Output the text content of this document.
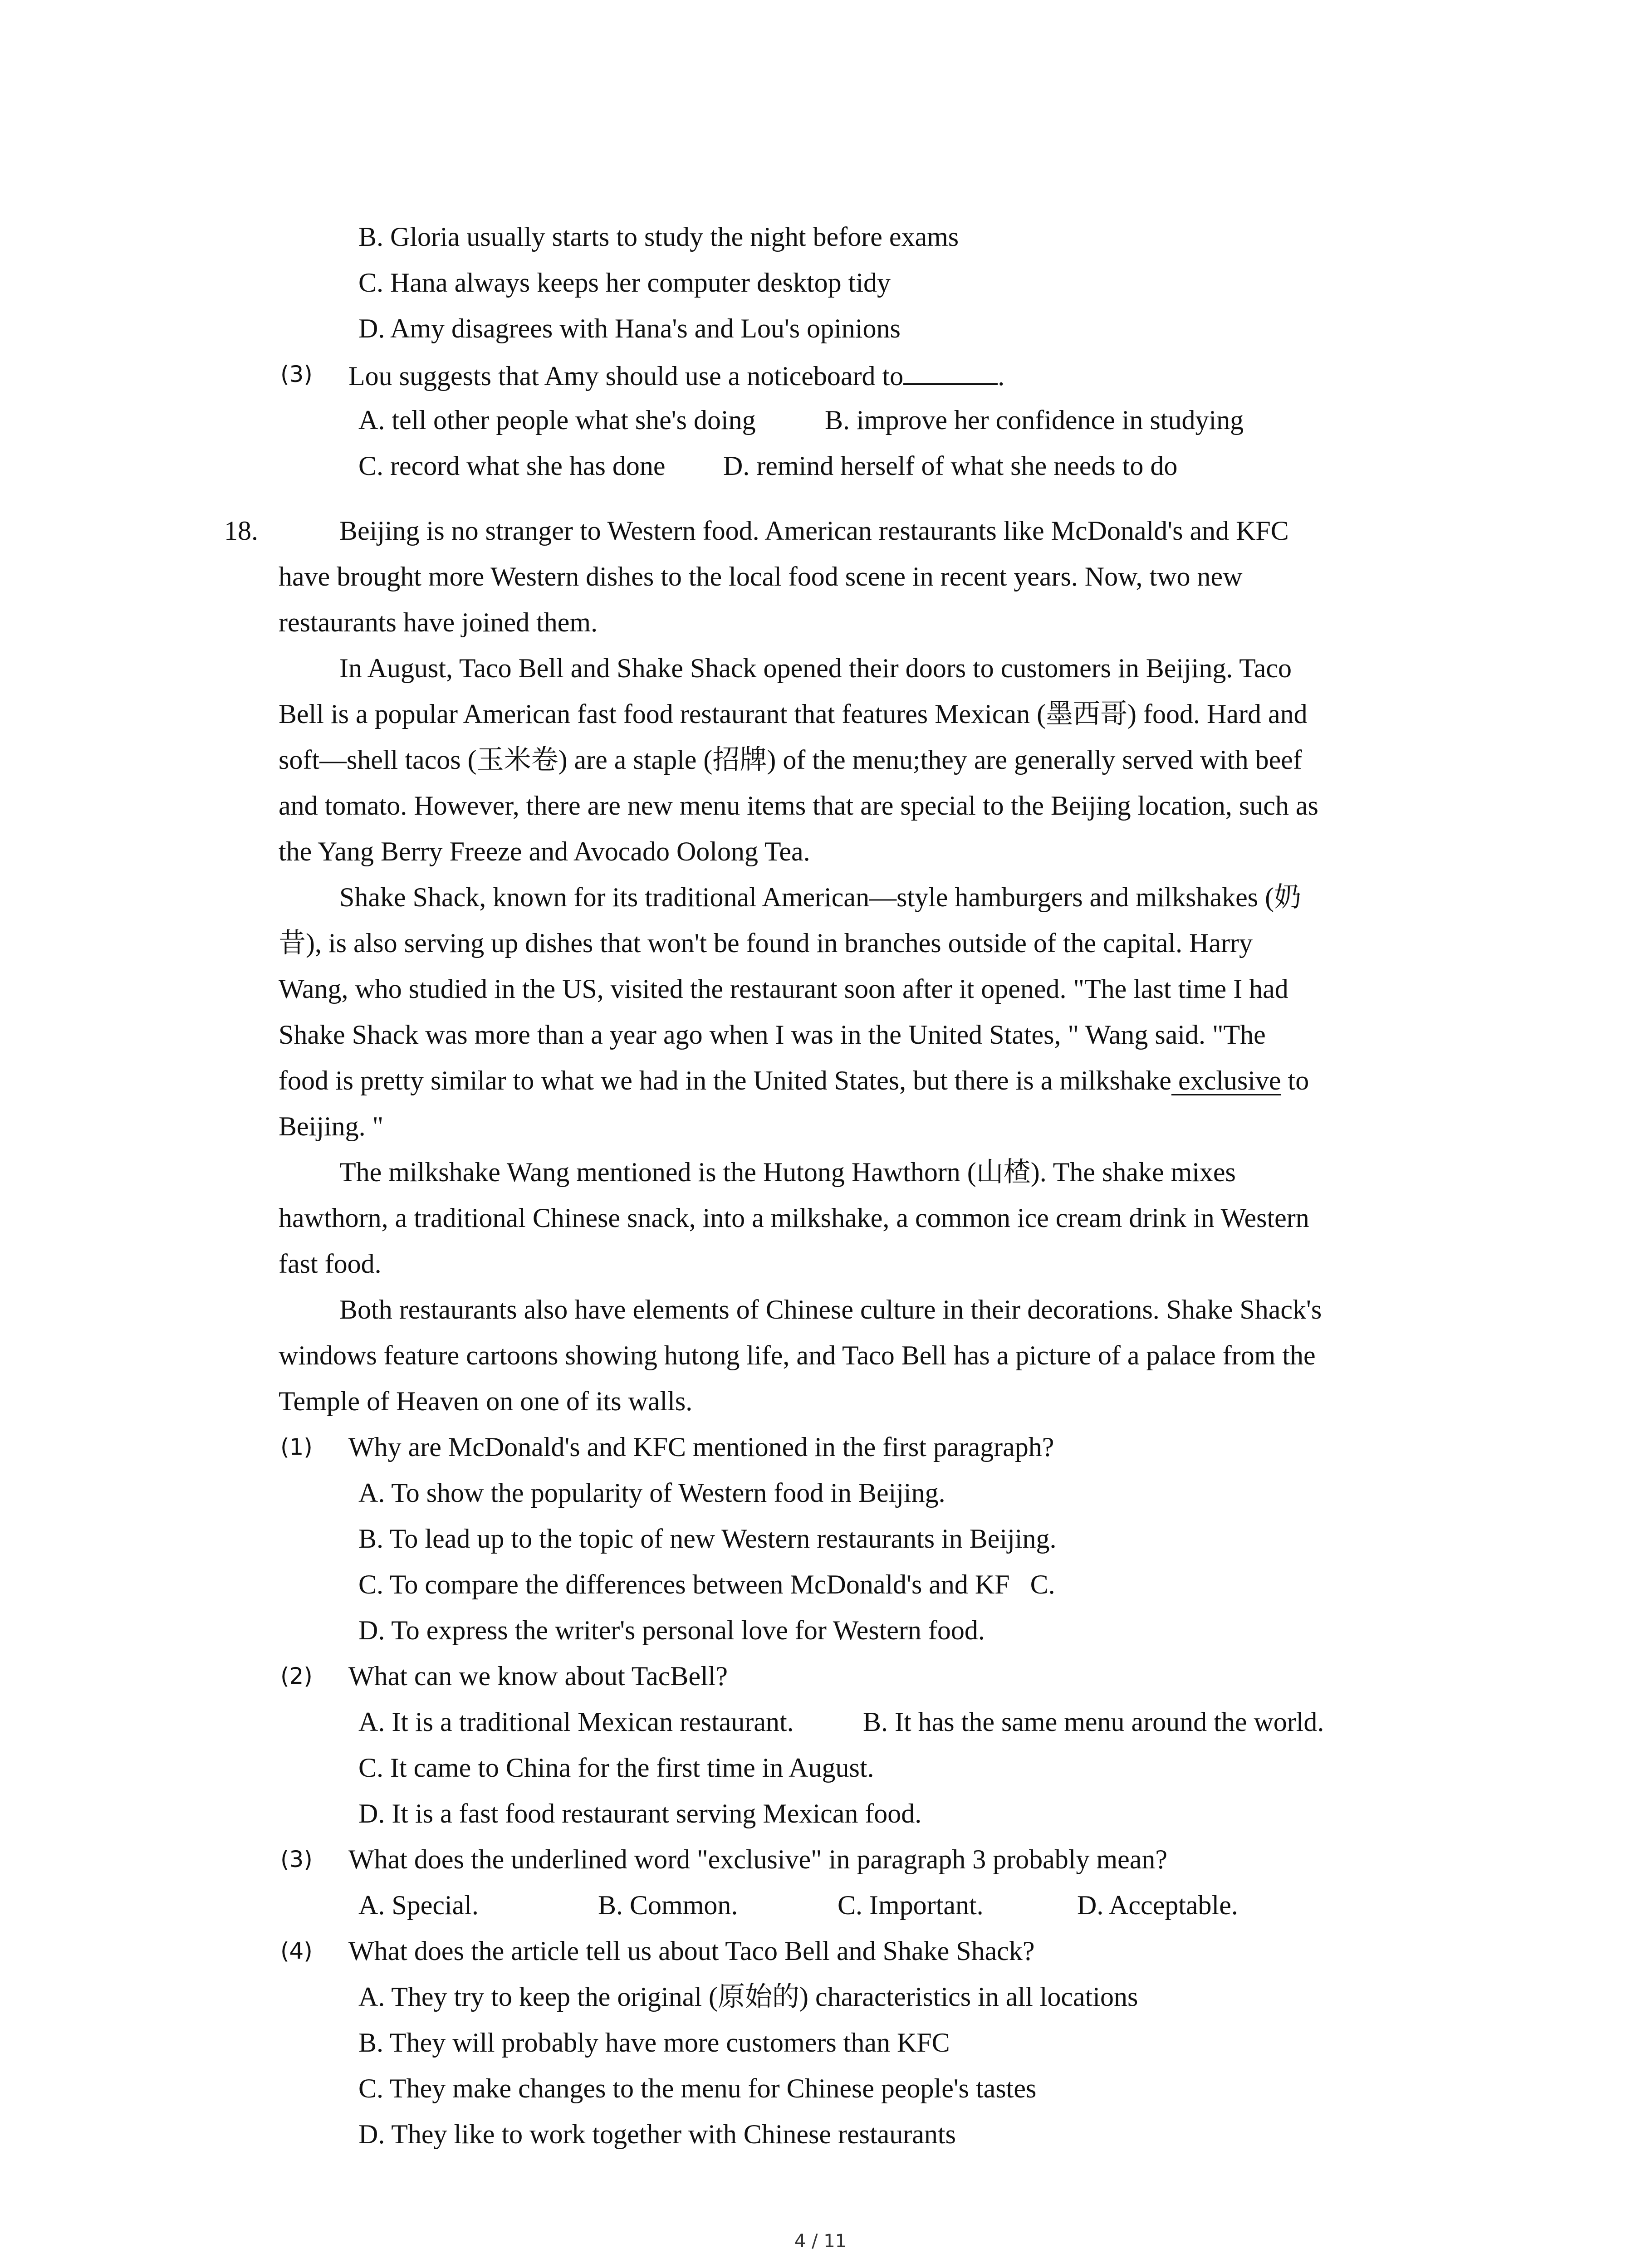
B. Gloria usually starts to study the night before exams
C. Hana always keeps her computer desktop tidy
D. Amy disagrees with Hana's and Lou's opinions
(3) Lou suggests that Amy should use a noticeboard to	.
A. tell other people what she's doing	B. improve her confidence in studying
C. record what she has done D. remind herself of what she needs to do
18.	Beijing is no stranger to Western food. American restaurants like McDonald's and KFC
have brought more Western dishes to the local food scene in recent years. Now, two new
restaurants have joined them.
In August, Taco Bell and Shake Shack opened their doors to customers in Beijing. Taco
Bell is a popular American fast food restaurant that features Mexican (墨西哥) food. Hard and
soft—shell tacos (玉米卷) are a staple (招牌) of the menu;they are generally served with beef
and tomato. However, there are new menu items that are special to the Beijing location, such as
the Yang Berry Freeze and Avocado Oolong Tea.
Shake Shack, known for its traditional American—style hamburgers and milkshakes (奶
昔), is also serving up dishes that won't be found in branches outside of the capital. Harry
Wang, who studied in the US, visited the restaurant soon after it opened. "The last time I had
Shake Shack was more than a year ago when I was in the United States, " Wang said. "The
food is pretty similar to what we had in the United States, but there is a milkshake exclusive to
Beijing. "
The milkshake Wang mentioned is the Hutong Hawthorn (山楂). The shake mixes
hawthorn, a traditional Chinese snack, into a milkshake, a common ice cream drink in Western
fast food.
Both restaurants also have elements of Chinese culture in their decorations. Shake Shack's
windows feature cartoons showing hutong life, and Taco Bell has a picture of a palace from the
Temple of Heaven on one of its walls.
(1) Why are McDonald's and KFC mentioned in the first paragraph?
A. To show the popularity of Western food in Beijing.
B. To lead up to the topic of new Western restaurants in Beijing.
C. To compare the differences between McDonald's and KF   C.
D. To express the writer's personal love for Western food.
(2) What can we know about TacBell?
A. It is a traditional Mexican restaurant.	B. It has the same menu around the world.
C. It came to China for the first time in August.
D. It is a fast food restaurant serving Mexican food.
(3) What does the underlined word "exclusive" in paragraph 3 probably mean?
A. Special.	B. Common.	C. Important.	D. Acceptable.
(4) What does the article tell us about Taco Bell and Shake Shack?
A. They try to keep the original (原始的) characteristics in all locations
B. They will probably have more customers than KFC
C. They make changes to the menu for Chinese people's tastes
D. They like to work together with Chinese restaurants
4 / 11
